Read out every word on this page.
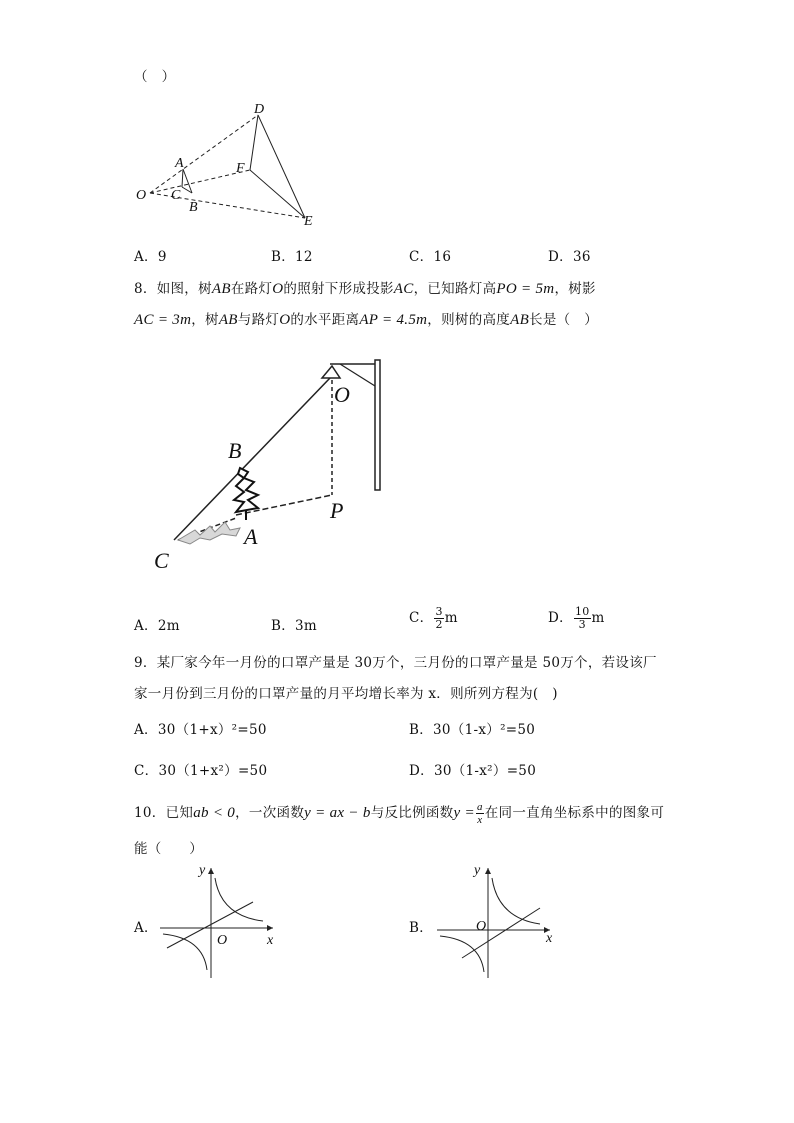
（　）
D
A	F
O C
B
E
A．9	B．12	C．16	D．36
8．如图，树AB在路灯O的照射下形成投影AC，已知路灯高PO = 5m，树影
AC = 3m，树AB与路灯O的水平距离AP = 4.5m，则树的高度AB长是（　）
O
B
P
A
C
A．2m	B．3m	C． $\frac{3}{2}$ m	D． $\frac{10}{3}$ m
9．某厂家今年一月份的口罩产量是 30万个，三月份的口罩产量是 50万个，若设该厂
家一月份到三月份的口罩产量的月平均增长率为 x．则所列方程为(　)
A．30（1+x）²=50	B．30（1-x）²=50
C．30（1+x²）=50	D．30（1-x²）=50
10．已知ab < 0，一次函数y = ax − b与反比例函数$y = \frac{a}{x}$ 在同一直角坐标系中的图象可
能（　　）
A．
y
x
O
B．
y
x
O
